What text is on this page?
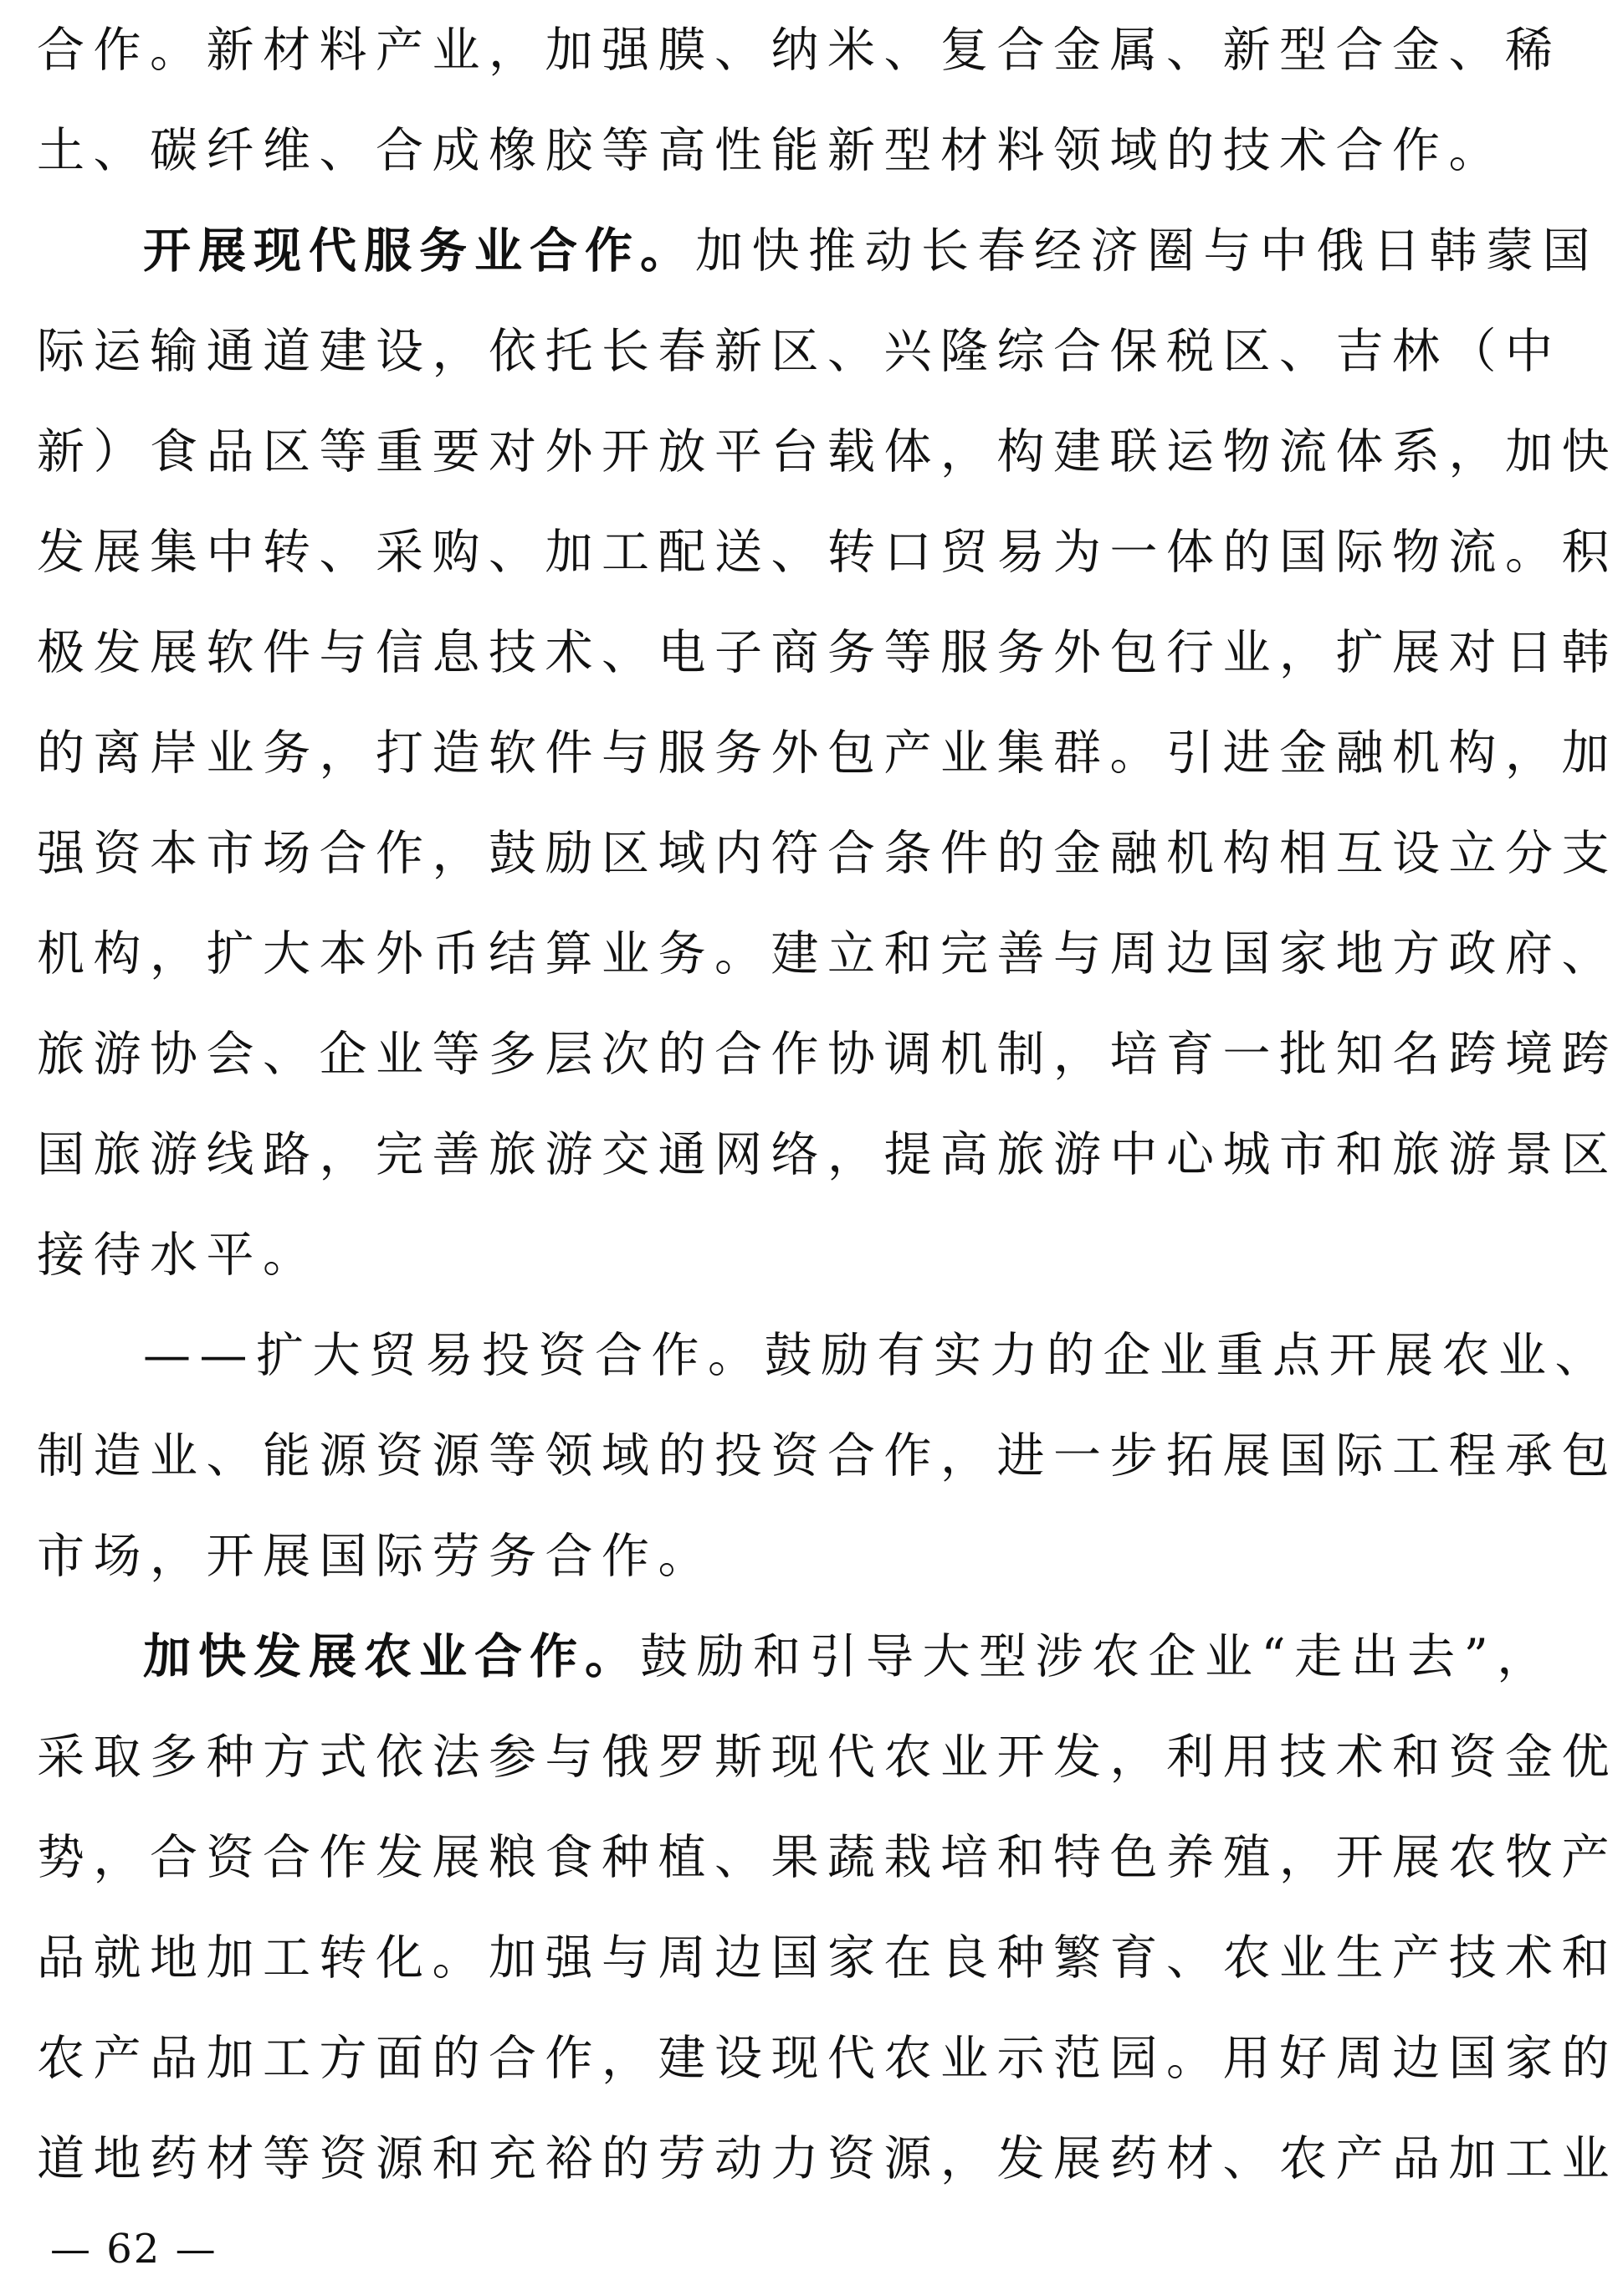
合作。新材料产业，加强膜、纳米、复合金属、新型合金、稀
土、碳纤维、合成橡胶等高性能新型材料领域的技术合作。
开展现代服务业合作。加快推动长春经济圈与中俄日韩蒙国
际运输通道建设，依托长春新区、兴隆综合保税区、吉林（中
新）食品区等重要对外开放平台载体，构建联运物流体系，加快
发展集中转、采购、加工配送、转口贸易为一体的国际物流。积
极发展软件与信息技术、电子商务等服务外包行业，扩展对日韩
的离岸业务，打造软件与服务外包产业集群。引进金融机构，加
强资本市场合作，鼓励区域内符合条件的金融机构相互设立分支
机构，扩大本外币结算业务。建立和完善与周边国家地方政府、
旅游协会、企业等多层次的合作协调机制，培育一批知名跨境跨
国旅游线路，完善旅游交通网络，提高旅游中心城市和旅游景区
接待水平。
——扩大贸易投资合作。鼓励有实力的企业重点开展农业、
制造业、能源资源等领域的投资合作，进一步拓展国际工程承包
市场，开展国际劳务合作。
加快发展农业合作。鼓励和引导大型涉农企业“走出去”，
采取多种方式依法参与俄罗斯现代农业开发，利用技术和资金优
势，合资合作发展粮食种植、果蔬栽培和特色养殖，开展农牧产
品就地加工转化。加强与周边国家在良种繁育、农业生产技术和
农产品加工方面的合作，建设现代农业示范园。用好周边国家的
道地药材等资源和充裕的劳动力资源，发展药材、农产品加工业
— 62 —
